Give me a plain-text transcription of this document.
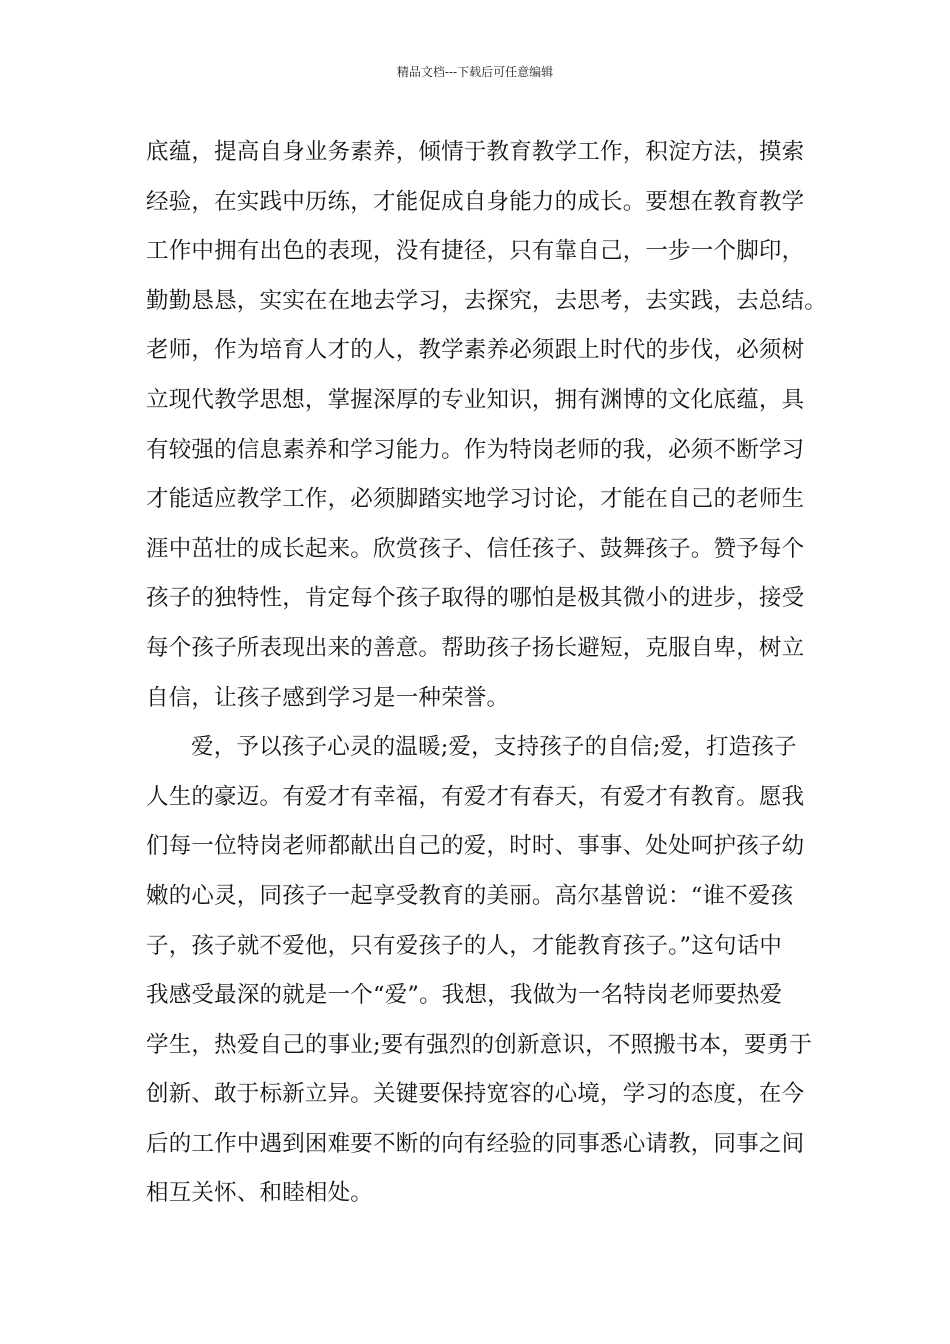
精品文档---下载后可任意编辑
底蕴，提高自身业务素养，倾情于教育教学工作，积淀方法，摸索
经验，在实践中历练，才能促成自身能力的成长。要想在教育教学
工作中拥有出色的表现，没有捷径，只有靠自己，一步一个脚印，
勤勤恳恳，实实在在地去学习，去探究，去思考，去实践，去总结。
老师，作为培育人才的人，教学素养必须跟上时代的步伐，必须树
立现代教学思想，掌握深厚的专业知识，拥有渊博的文化底蕴，具
有较强的信息素养和学习能力。作为特岗老师的我，必须不断学习
才能适应教学工作，必须脚踏实地学习讨论，才能在自己的老师生
涯中茁壮的成长起来。欣赏孩子、信任孩子、鼓舞孩子。赞予每个
孩子的独特性，肯定每个孩子取得的哪怕是极其微小的进步，接受
每个孩子所表现出来的善意。帮助孩子扬长避短，克服自卑，树立
自信，让孩子感到学习是一种荣誉。
爱，予以孩子心灵的温暖;爱，支持孩子的自信;爱，打造孩子
人生的豪迈。有爱才有幸福，有爱才有春天，有爱才有教育。愿我
们每一位特岗老师都献出自己的爱，时时、事事、处处呵护孩子幼
嫩的心灵，同孩子一起享受教育的美丽。高尔基曾说：“谁不爱孩
子，孩子就不爱他，只有爱孩子的人，才能教育孩子。”这句话中
我感受最深的就是一个“爱”。我想，我做为一名特岗老师要热爱
学生，热爱自己的事业;要有强烈的创新意识，不照搬书本，要勇于
创新、敢于标新立异。关键要保持宽容的心境，学习的态度，在今
后的工作中遇到困难要不断的向有经验的同事悉心请教，同事之间
相互关怀、和睦相处。
